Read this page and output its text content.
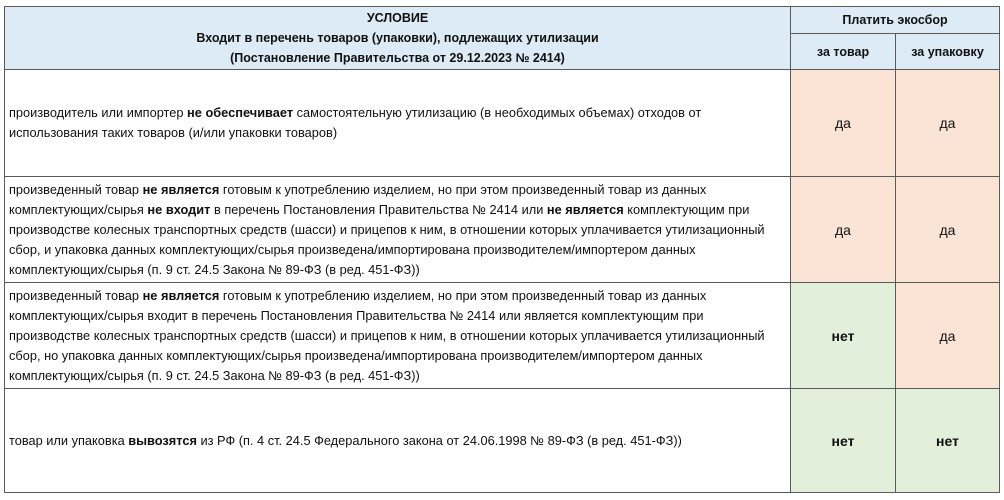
УСЛОВИЕ
Входит в перечень товаров (упаковки), подлежащих утилизации
(Постановление Правительства от 29.12.2023 № 2414)	Платить экосбор	
	за товар	за упаковку
производитель или импортер не обеспечивает самостоятельную утилизацию (в необходимых объемах) отходов от использования таких товаров (и/или упаковки товаров)	да	да
произведенный товар не является готовым к употреблению изделием, но при этом произведенный товар из данных комплектующих/сырья не входит в перечень Постановления Правительства № 2414 или не является комплектующим при производстве колесных транспортных средств (шасси) и прицепов к ним, в отношении которых уплачивается утилизационный сбор, и упаковка данных комплектующих/сырья произведена/импортирована производителем/импортером данных комплектующих/сырья (п. 9 ст. 24.5 Закона № 89-ФЗ (в ред. 451-ФЗ))	да	да
произведенный товар не является готовым к употреблению изделием, но при этом произведенный товар из данных комплектующих/сырья входит в перечень Постановления Правительства № 2414 или является комплектующим при производстве колесных транспортных средств (шасси) и прицепов к ним, в отношении которых уплачивается утилизационный сбор, но упаковка данных комплектующих/сырья произведена/импортирована производителем/импортером данных комплектующих/сырья (п. 9 ст. 24.5 Закона № 89-ФЗ (в ред. 451-ФЗ))	нет	да
товар или упаковка вывозятся из РФ (п. 4 ст. 24.5 Федерального закона от 24.06.1998 № 89-ФЗ (в ред. 451-ФЗ))	нет	нет
